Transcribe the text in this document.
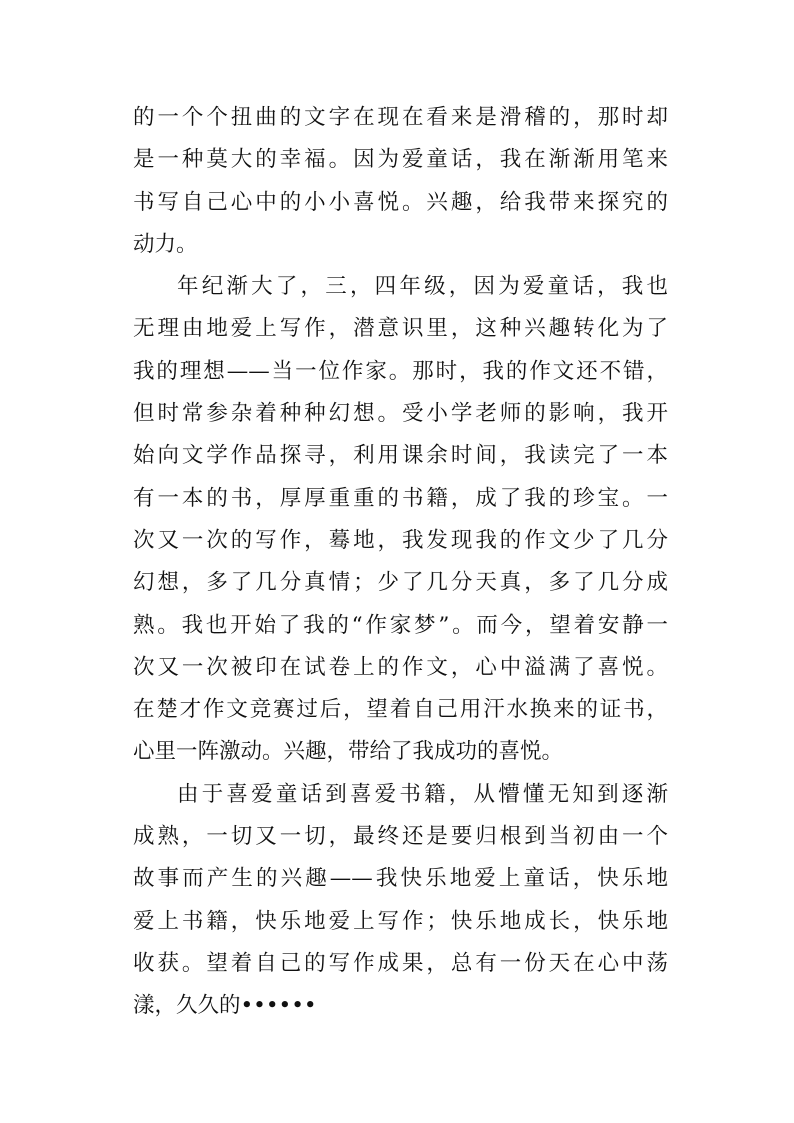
的一个个扭曲的文字在现在看来是滑稽的，那时却
是一种莫大的幸福。因为爱童话，我在渐渐用笔来
书写自己心中的小小喜悦。兴趣，给我带来探究的
动力。
年纪渐大了，三，四年级，因为爱童话，我也
无理由地爱上写作，潜意识里，这种兴趣转化为了
我的理想——当一位作家。那时，我的作文还不错，
但时常参杂着种种幻想。受小学老师的影响，我开
始向文学作品探寻，利用课余时间，我读完了一本
有一本的书，厚厚重重的书籍，成了我的珍宝。一
次又一次的写作，蓦地，我发现我的作文少了几分
幻想，多了几分真情；少了几分天真，多了几分成
熟。我也开始了我的“作家梦”。而今，望着安静一
次又一次被印在试卷上的作文，心中溢满了喜悦。
在楚才作文竞赛过后，望着自己用汗水换来的证书，
心里一阵激动。兴趣，带给了我成功的喜悦。
由于喜爱童话到喜爱书籍，从懵懂无知到逐渐
成熟，一切又一切，最终还是要归根到当初由一个
故事而产生的兴趣——我快乐地爱上童话，快乐地
爱上书籍，快乐地爱上写作；快乐地成长，快乐地
收获。望着自己的写作成果，总有一份天在心中荡
漾，久久的••••••
